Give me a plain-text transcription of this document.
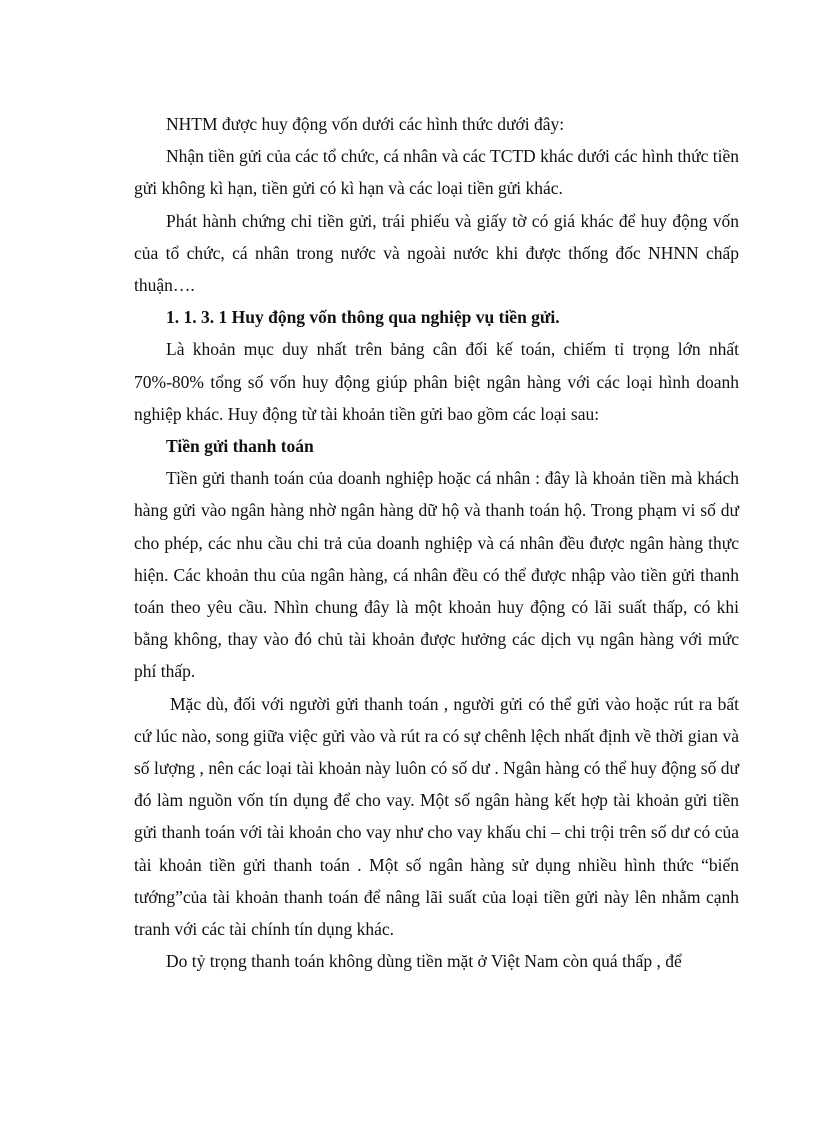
NHTM được huy động vốn dưới các hình thức dưới đây:

Nhận tiền gửi của các tổ chức, cá nhân và các TCTD khác dưới các hình thức tiền gửi không kì hạn, tiền gửi có kì hạn và các loại tiền gửi khác.

Phát hành chứng chỉ tiền gửi, trái phiếu và giấy tờ có giá khác để huy động vốn của tổ chức, cá nhân trong nước và ngoài nước khi được thống đốc NHNN chấp thuận….

1. 1. 3. 1 Huy động vốn thông qua nghiệp vụ tiền gửi.

Là khoản mục duy nhất trên bảng cân đối kế toán, chiếm tỉ trọng lớn nhất 70%-80% tổng số vốn huy động giúp phân biệt ngân hàng với các loại hình doanh nghiệp khác. Huy động từ tài khoản tiền gửi bao gồm các loại sau:

Tiền gửi thanh toán

Tiền gửi thanh toán của doanh nghiệp hoặc cá nhân : đây là khoản tiền mà khách hàng gửi vào ngân hàng nhờ ngân hàng dữ hộ và thanh toán hộ. Trong phạm vi số dư cho phép, các nhu cầu chi trả của doanh nghiệp và cá nhân đều được ngân hàng thực hiện. Các khoản thu của ngân hàng, cá nhân đều có thể được nhập vào tiền gửi thanh toán theo yêu cầu. Nhìn chung đây là một khoản huy động có lãi suất thấp, có khi bằng không, thay vào đó chủ tài khoản được hưởng các dịch vụ ngân hàng với mức phí thấp.

Mặc dù, đối với người gửi thanh toán , người gửi có thể gửi vào hoặc rút ra bất cứ lúc nào, song giữa việc gửi vào và rút ra có sự chênh lệch nhất định về thời gian và số lượng , nên các loại tài khoản này luôn có số dư . Ngân hàng có thể huy động số dư đó làm nguồn vốn tín dụng để cho vay. Một số ngân hàng kết hợp tài khoản gửi tiền gửi thanh toán với tài khoản cho vay như cho vay khấu chi – chi trội trên số dư có của tài khoản tiền gửi thanh toán . Một số ngân hàng sử dụng nhiều hình thức “biến tướng”của tài khoản thanh toán để nâng lãi suất của loại tiền gửi này lên nhằm cạnh tranh với các tài chính tín dụng khác.

Do tỷ trọng thanh toán không dùng tiền mặt ở Việt Nam còn quá thấp , để
